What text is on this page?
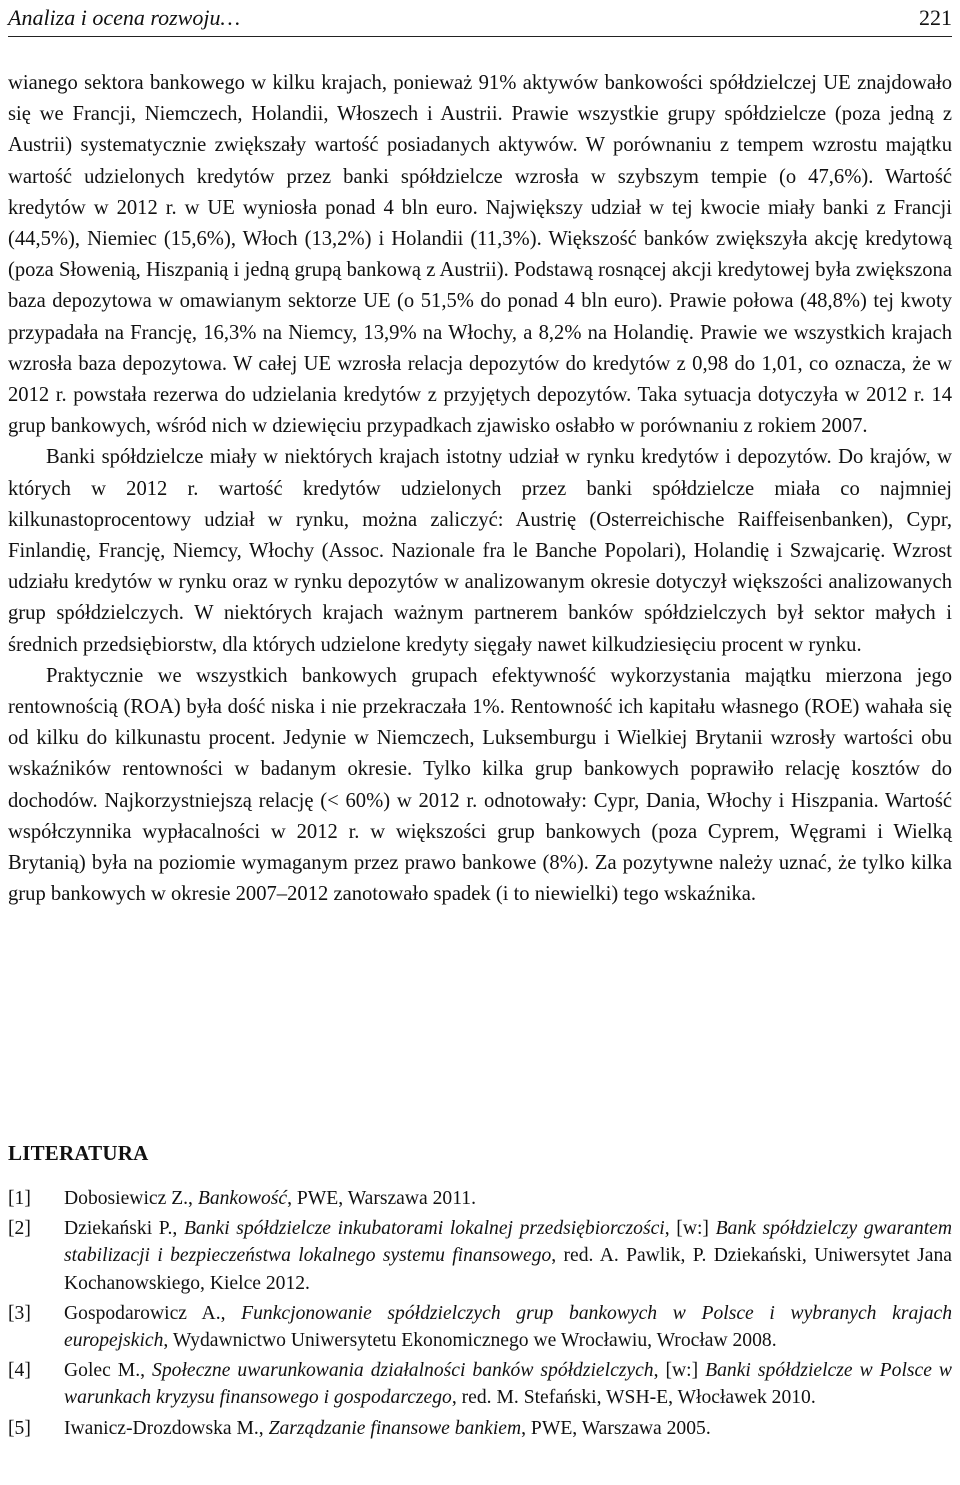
Analiza i ocena rozwoju…	221

wianego sektora bankowego w kilku krajach, ponieważ 91% aktywów bankowości spółdzielczej UE znajdowało się we Francji, Niemczech, Holandii, Włoszech i Austrii. Prawie wszystkie grupy spółdzielcze (poza jedną z Austrii) systematycznie zwiększały wartość posiadanych aktywów. W porównaniu z tempem wzrostu majątku wartość udzielonych kredytów przez banki spółdzielcze wzrosła w szybszym tempie (o 47,6%). Wartość kredytów w 2012 r. w UE wyniosła ponad 4 bln euro. Największy udział w tej kwocie miały banki z Francji (44,5%), Niemiec (15,6%), Włoch (13,2%) i Holandii (11,3%). Większość banków zwiększyła akcję kredytową (poza Słowenią, Hiszpanią i jedną grupą bankową z Austrii). Podstawą rosnącej akcji kredytowej była zwiększona baza depozytowa w omawianym sektorze UE (o 51,5% do ponad 4 bln euro). Prawie połowa (48,8%) tej kwoty przypadała na Francję, 16,3% na Niemcy, 13,9% na Włochy, a 8,2% na Holandię. Prawie we wszystkich krajach wzrosła baza depozytowa. W całej UE wzrosła relacja depozytów do kredytów z 0,98 do 1,01, co oznacza, że w 2012 r. powstała rezerwa do udzielania kredytów z przyjętych depozytów. Taka sytuacja dotyczyła w 2012 r. 14 grup bankowych, wśród nich w dziewięciu przypadkach zjawisko osłabło w porównaniu z rokiem 2007.

Banki spółdzielcze miały w niektórych krajach istotny udział w rynku kredytów i depozytów. Do krajów, w których w 2012 r. wartość kredytów udzielonych przez banki spółdzielcze miała co najmniej kilkunastoprocentowy udział w rynku, można zaliczyć: Austrię (Osterreichische Raiffeisenbanken), Cypr, Finlandię, Francję, Niemcy, Włochy (Assoc. Nazionale fra le Banche Popolari), Holandię i Szwajcarię. Wzrost udziału kredytów w rynku oraz w rynku depozytów w analizowanym okresie dotyczył większości analizowanych grup spółdzielczych. W niektórych krajach ważnym partnerem banków spółdzielczych był sektor małych i średnich przedsiębiorstw, dla których udzielone kredyty sięgały nawet kilkudziesięciu procent w rynku.

Praktycznie we wszystkich bankowych grupach efektywność wykorzystania majątku mierzona jego rentownością (ROA) była dość niska i nie przekraczała 1%. Rentowność ich kapitału własnego (ROE) wahała się od kilku do kilkunastu procent. Jedynie w Niemczech, Luksemburgu i Wielkiej Brytanii wzrosły wartości obu wskaźników rentowności w badanym okresie. Tylko kilka grup bankowych poprawiło relację kosztów do dochodów. Najkorzystniejszą relację (< 60%) w 2012 r. odnotowały: Cypr, Dania, Włochy i Hiszpania. Wartość współczynnika wypłacalności w 2012 r. w większości grup bankowych (poza Cyprem, Węgrami i Wielką Brytanią) była na poziomie wymaganym przez prawo bankowe (8%). Za pozytywne należy uznać, że tylko kilka grup bankowych w okresie 2007–2012 zanotowało spadek (i to niewielki) tego wskaźnika.

LITERATURA
[1]	Dobosiewicz Z., Bankowość, PWE, Warszawa 2011.
[2]	Dziekański P., Banki spółdzielcze inkubatorami lokalnej przedsiębiorczości, [w:] Bank spółdzielczy gwarantem stabilizacji i bezpieczeństwa lokalnego systemu finansowego, red. A. Pawlik, P. Dziekański, Uniwersytet Jana Kochanowskiego, Kielce 2012.
[3]	Gospodarowicz A., Funkcjonowanie spółdzielczych grup bankowych w Polsce i wybranych krajach europejskich, Wydawnictwo Uniwersytetu Ekonomicznego we Wrocławiu, Wrocław 2008.
[4]	Golec M., Społeczne uwarunkowania działalności banków spółdzielczych, [w:] Banki spółdzielcze w Polsce w warunkach kryzysu finansowego i gospodarczego, red. M. Stefański, WSH-E, Włocławek 2010.
[5]	Iwanicz-Drozdowska M., Zarządzanie finansowe bankiem, PWE, Warszawa 2005.
